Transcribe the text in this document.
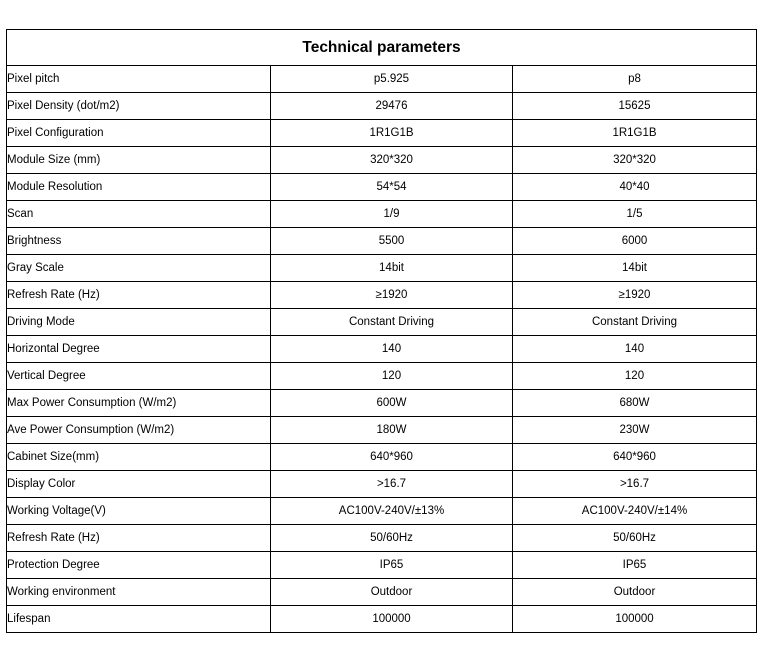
Technical parameters		
Pixel pitch	p5.925	p8
Pixel Density (dot/m2)	29476	15625
Pixel Configuration	1R1G1B	1R1G1B
Module Size (mm)	320*320	320*320
Module Resolution	54*54	40*40
Scan	1/9	1/5
Brightness	5500	6000
Gray Scale	14bit	14bit
Refresh Rate (Hz)	≥1920	≥1920
Driving Mode	Constant Driving	Constant Driving
Horizontal Degree	140	140
Vertical Degree	120	120
Max Power Consumption (W/m2)	600W	680W
Ave Power Consumption (W/m2)	180W	230W
Cabinet Size(mm)	640*960	640*960
Display Color	>16.7	>16.7
Working Voltage(V)	AC100V-240V/±13%	AC100V-240V/±14%
Refresh Rate (Hz)	50/60Hz	50/60Hz
Protection Degree	IP65	IP65
Working environment	Outdoor	Outdoor
Lifespan	100000	100000
